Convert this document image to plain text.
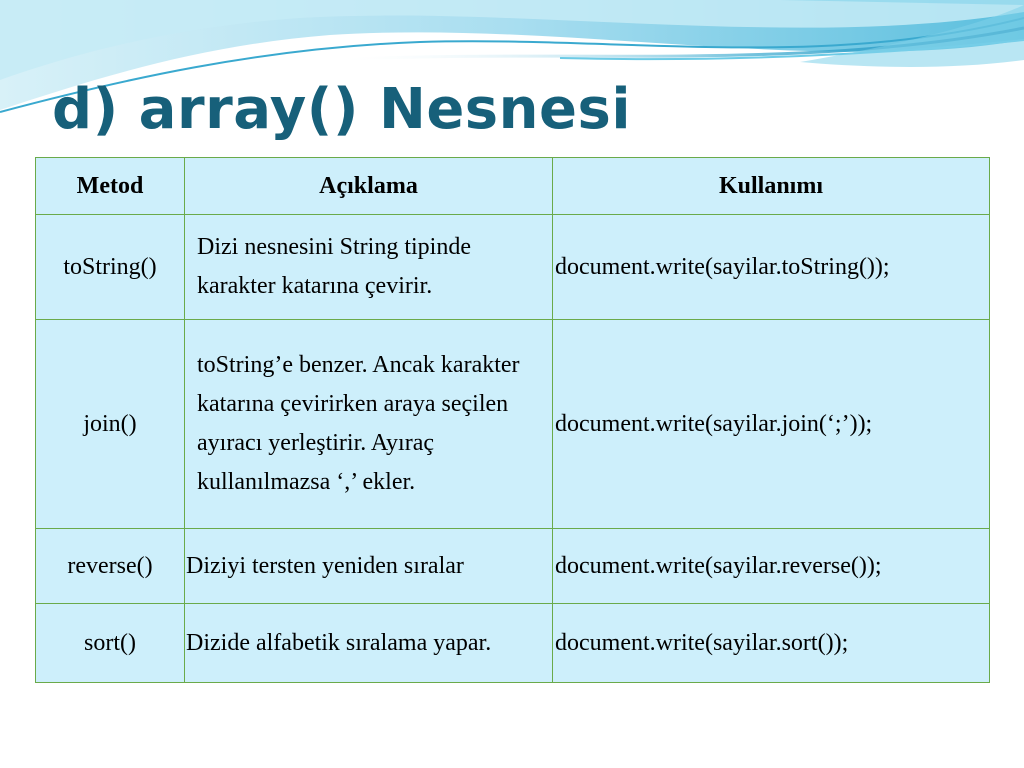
d) array() Nesnesi
Metod	Açıklama	Kullanımı
toString()	Dizi nesnesini String tipinde karakter katarına çevirir.	document.write(sayilar.toString());

join()	toString’e benzer. Ancak karakter katarına çevirirken araya seçilen ayıracı yerleştirir. Ayıraç kullanılmazsa ‘,’ ekler.	document.write(sayilar.join(‘;’));

reverse()	Diziyi tersten yeniden sıralar	document.write(sayilar.reverse());

sort()	Dizide alfabetik sıralama yapar.	document.write(sayilar.sort());
